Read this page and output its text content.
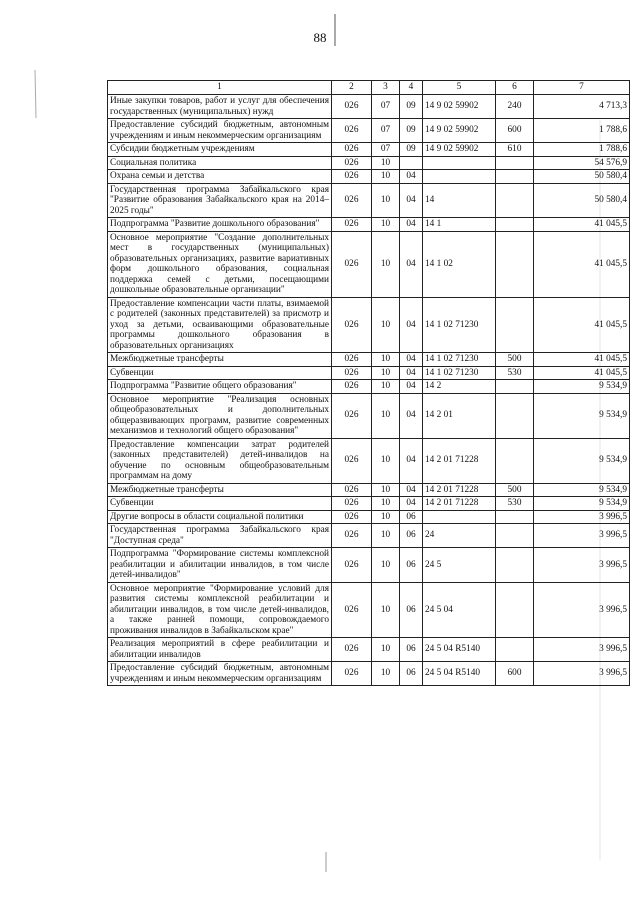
88
1	2	3	4	5	6	7
Иные закупки товаров, работ и услуг для обеспечения государственных (муниципальных) нужд	026	07	09	14 9 02 59902	240	4 713,3
Предоставление субсидий бюджетным, автономным учреждениям и иным некоммерческим организациям	026	07	09	14 9 02 59902	600	1 788,6
Субсидии бюджетным учреждениям	026	07	09	14 9 02 59902	610	1 788,6
Социальная политика	026	10				54 576,9
Охрана семьи и детства	026	10	04			50 580,4
Государственная программа Забайкальского края "Развитие образования Забайкальского края на 2014–2025 годы"	026	10	04	14		50 580,4
Подпрограмма "Развитие дошкольного образования"	026	10	04	14 1		41 045,5
Основное мероприятие "Создание дополнительных мест в государственных (муниципальных) образовательных организациях, развитие вариативных форм дошкольного образования, социальная поддержка семей с детьми, посещающими дошкольные образовательные организации"	026	10	04	14 1 02		41 045,5
Предоставление компенсации части платы, взимаемой с родителей (законных представителей) за присмотр и уход за детьми, осваивающими образовательные программы дошкольного образования в образовательных организациях	026	10	04	14 1 02 71230		41 045,5
Межбюджетные трансферты	026	10	04	14 1 02 71230	500	41 045,5
Субвенции	026	10	04	14 1 02 71230	530	41 045,5
Подпрограмма "Развитие общего образования"	026	10	04	14 2		9 534,9
Основное мероприятие "Реализация основных общеобразовательных и дополнительных общеразвивающих программ, развитие современных механизмов и технологий общего образования"	026	10	04	14 2 01		9 534,9
Предоставление компенсации затрат родителей (законных представителей) детей-инвалидов на обучение по основным общеобразовательным программам на дому	026	10	04	14 2 01 71228		9 534,9
Межбюджетные трансферты	026	10	04	14 2 01 71228	500	9 534,9
Субвенции	026	10	04	14 2 01 71228	530	9 534,9
Другие вопросы в области социальной политики	026	10	06			3 996,5
Государственная программа Забайкальского края "Доступная среда"	026	10	06	24		3 996,5
Подпрограмма "Формирование системы комплексной реабилитации и абилитации инвалидов, в том числе детей-инвалидов"	026	10	06	24 5		3 996,5
Основное мероприятие "Формирование условий для развития системы комплексной реабилитации и абилитации инвалидов, в том числе детей-инвалидов, а также ранней помощи, сопровождаемого проживания инвалидов в Забайкальском крае"	026	10	06	24 5 04		3 996,5
Реализация мероприятий в сфере реабилитации и абилитации инвалидов	026	10	06	24 5 04 R5140		3 996,5
Предоставление субсидий бюджетным, автономным учреждениям и иным некоммерческим организациям	026	10	06	24 5 04 R5140	600	3 996,5
